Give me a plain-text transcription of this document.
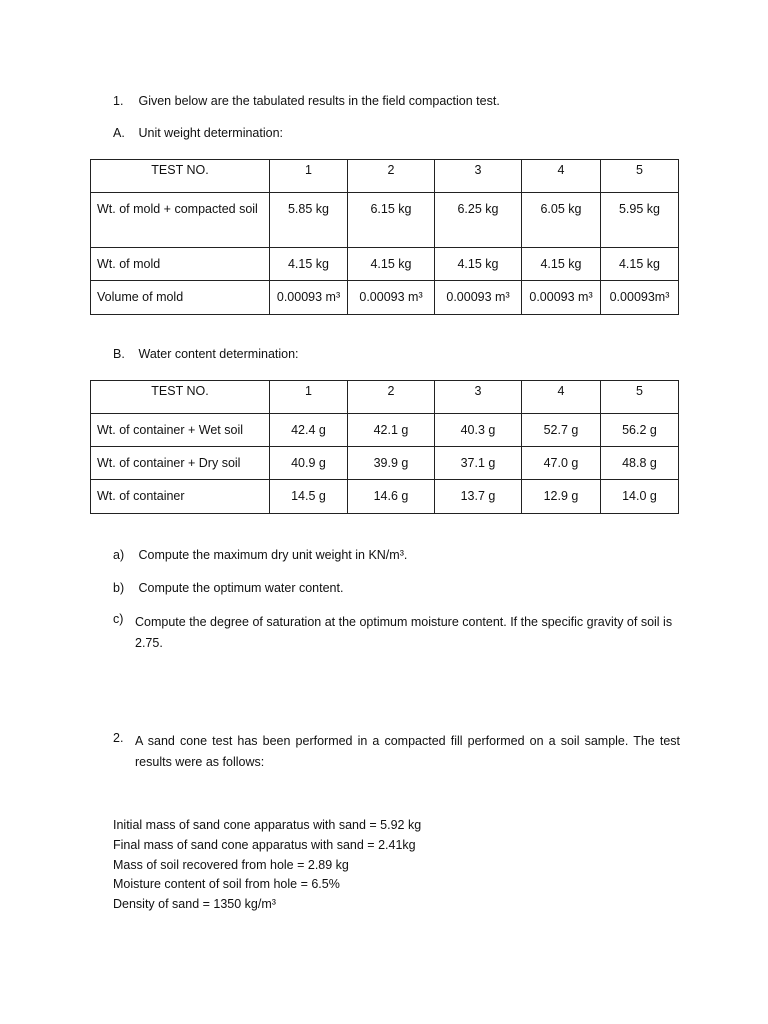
1. Given below are the tabulated results in the field compaction test.
A. Unit weight determination:
TEST NO.	1	2	3	4	5

Wt. of mold + compacted soil	5.85 kg	6.15 kg	6.25 kg	6.05 kg	5.95 kg

Wt. of mold	4.15 kg	4.15 kg	4.15 kg	4.15 kg	4.15 kg

Volume of mold	0.00093 m³	0.00093 m³	0.00093 m³	0.00093 m³	0.00093m³
B. Water content determination:
TEST NO.	1	2	3	4	5

Wt. of container + Wet soil	42.4 g	42.1 g	40.3 g	52.7 g	56.2 g

Wt. of container + Dry soil	40.9 g	39.9 g	37.1 g	47.0 g	48.8 g

Wt. of container	14.5 g	14.6 g	13.7 g	12.9 g	14.0 g
a) Compute the maximum dry unit weight in KN/m³.
b) Compute the optimum water content.
c) Compute the degree of saturation at the optimum moisture content. If the specific gravity of soil is 2.75.
2. A sand cone test has been performed in a compacted fill performed on a soil sample. The test results were as follows:
Initial mass of sand cone apparatus with sand = 5.92 kg
Final mass of sand cone apparatus with sand = 2.41kg
Mass of soil recovered from hole = 2.89 kg
Moisture content of soil from hole = 6.5%
Density of sand = 1350 kg/m³
